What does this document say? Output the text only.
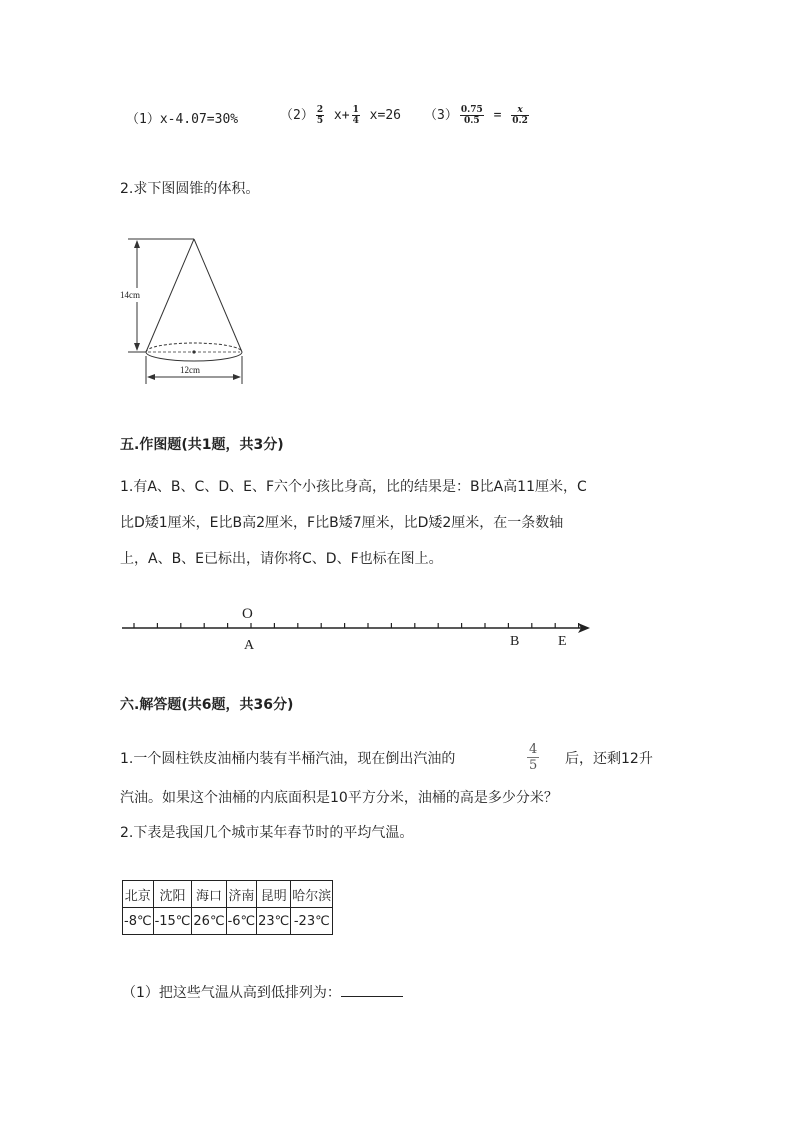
（1）x-4.07=30%	$(2) \frac{2}{5} x+ \frac{1}{4} x=26$ $(3) \frac{0.75}{0.5} = \frac{x}{0.2}$
2.求下图圆锥的体积。
14cm
12cm
五.作图题(共1题，共3分)
1.有A、B、C、D、E、F六个小孩比身高，比的结果是：B比A高11厘米，C
比D矮1厘米，E比B高2厘米，F比B矮7厘米，比D矮2厘米，在一条数轴
上，A、B、E已标出，请你将C、D、F也标在图上。
O
A	B	E
六.解答题(共6题，共36分)
1.一个圆柱铁皮油桶内装有半桶汽油，现在倒出汽油的	$\frac{4}{5}$ 后，还剩12升
汽油。如果这个油桶的内底面积是10平方分米，油桶的高是多少分米？
2.下表是我国几个城市某年春节时的平均气温。
北京	沈阳	海口	济南	昆明	哈尔滨
-8℃	-15℃	26℃	-6℃	23℃	-23℃
（1）把这些气温从高到低排列为：
